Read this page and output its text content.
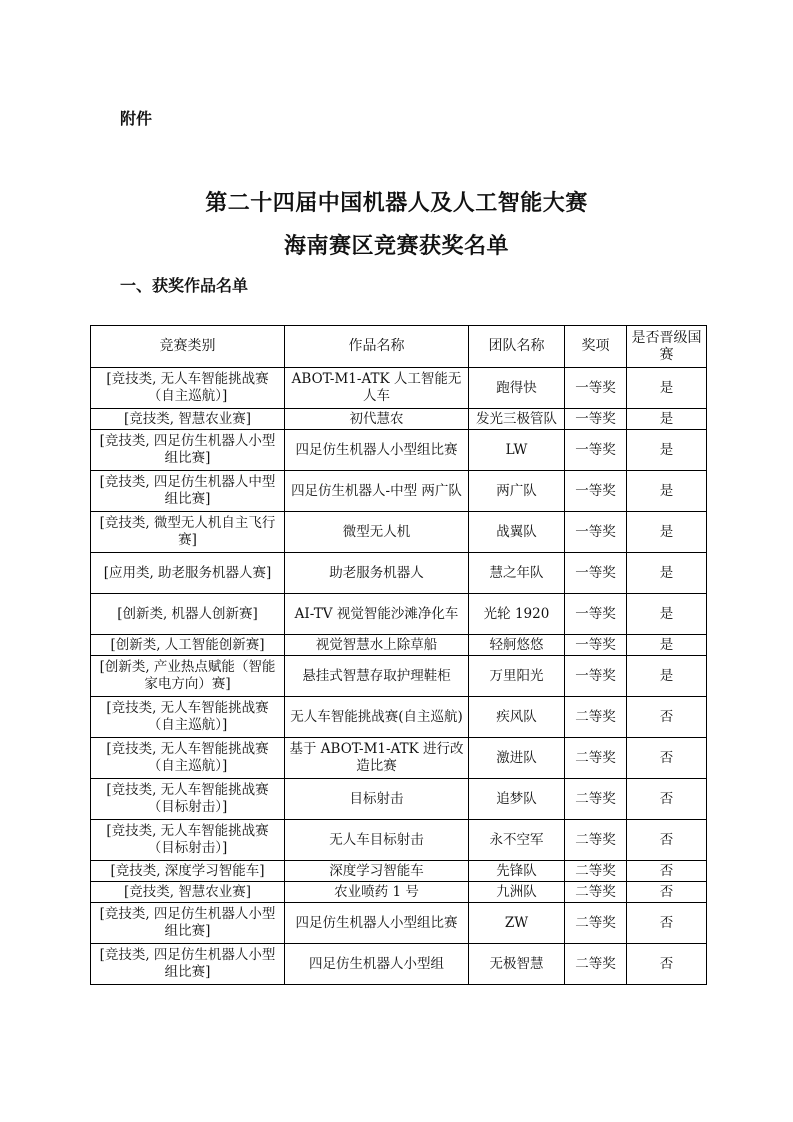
附件
第二十四届中国机器人及人工智能大赛
海南赛区竞赛获奖名单
一、获奖作品名单
竞赛类别	作品名称	团队名称	奖项	是否晋级国赛
[竞技类, 无人车智能挑战赛（自主巡航）]	ABOT-M1-ATK 人工智能无人车	跑得快	一等奖	是
[竞技类, 智慧农业赛]	初代慧农	发光三极管队	一等奖	是
[竞技类, 四足仿生机器人小型组比赛]	四足仿生机器人小型组比赛	LW	一等奖	是
[竞技类, 四足仿生机器人中型组比赛]	四足仿生机器人-中型 两广队	两广队	一等奖	是
[竞技类, 微型无人机自主飞行赛]	微型无人机	战翼队	一等奖	是
[应用类, 助老服务机器人赛]	助老服务机器人	慧之年队	一等奖	是
[创新类, 机器人创新赛]	AI-TV 视觉智能沙滩净化车	光轮 1920	一等奖	是
[创新类, 人工智能创新赛]	视觉智慧水上除草船	轻舸悠悠	一等奖	是
[创新类, 产业热点赋能（智能家电方向）赛]	悬挂式智慧存取护理鞋柜	万里阳光	一等奖	是
[竞技类, 无人车智能挑战赛（自主巡航）]	无人车智能挑战赛(自主巡航)	疾风队	二等奖	否
[竞技类, 无人车智能挑战赛（自主巡航）]	基于 ABOT-M1-ATK 进行改造比赛	激进队	二等奖	否
[竞技类, 无人车智能挑战赛（目标射击）]	目标射击	追梦队	二等奖	否
[竞技类, 无人车智能挑战赛（目标射击）]	无人车目标射击	永不空军	二等奖	否
[竞技类, 深度学习智能车]	深度学习智能车	先锋队	二等奖	否
[竞技类, 智慧农业赛]	农业喷药 1 号	九洲队	二等奖	否
[竞技类, 四足仿生机器人小型组比赛]	四足仿生机器人小型组比赛	ZW	二等奖	否
[竞技类, 四足仿生机器人小型组比赛]	四足仿生机器人小型组	无极智慧	二等奖	否
